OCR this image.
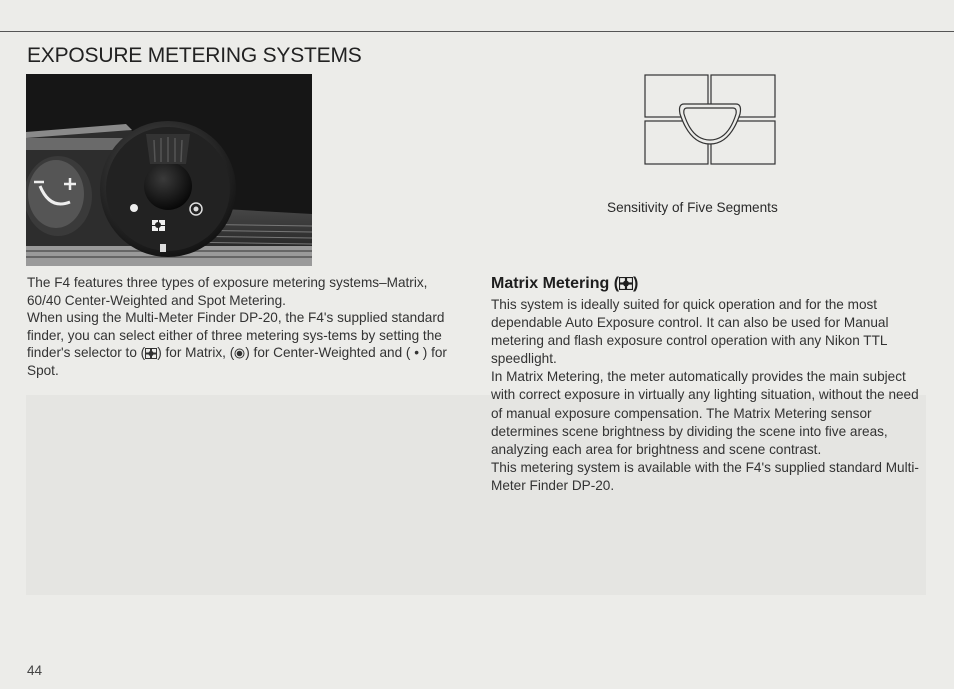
EXPOSURE METERING SYSTEMS

The F4 features three types of exposure metering systems–Matrix, 60/40 Center-Weighted and Spot Metering.

When using the Multi-Meter Finder DP-20, the F4's supplied standard finder, you can select either of three metering sys-tems by setting the finder's selector to ( ) for Matrix, ( ) for Center-Weighted and ( • ) for Spot.

Sensitivity of Five Segments
Matrix Metering ( )

This system is ideally suited for quick operation and for the most dependable Auto Exposure control. It can also be used for Manual metering and flash exposure control operation with any Nikon TTL speedlight.

In Matrix Metering, the meter automatically provides the main subject with correct exposure in virtually any lighting situation, without the need of manual exposure compensation. The Matrix Metering sensor determines scene brightness by dividing the scene into five areas, analyzing each area for brightness and scene contrast.

This metering system is available with the F4's supplied standard Multi-Meter Finder DP-20.

44
